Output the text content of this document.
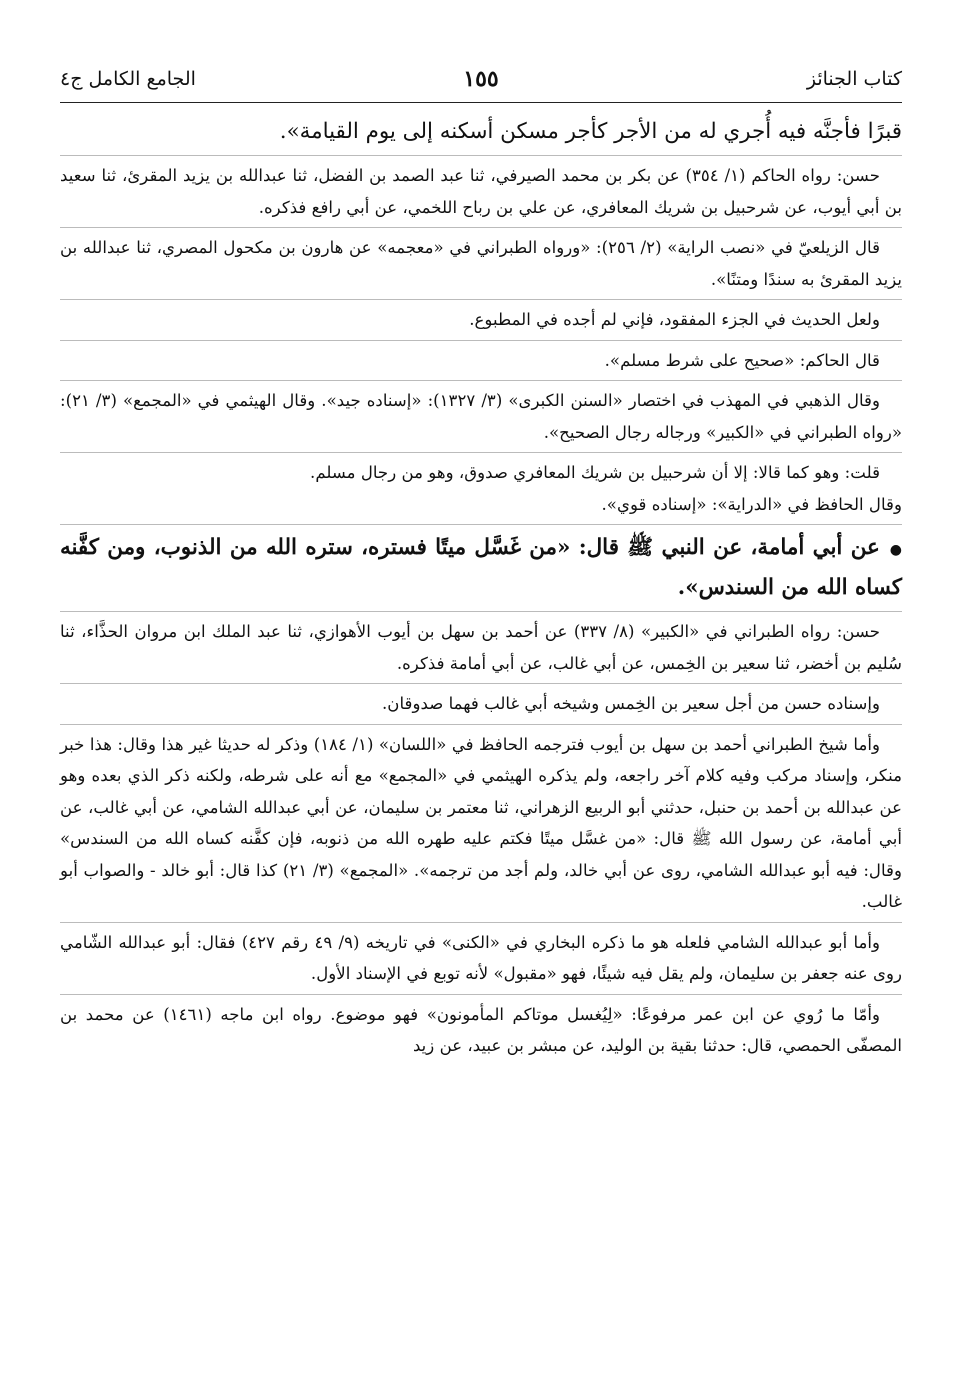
كتاب الجنائز
١٥٥
الجامع الكامل ج٤

قبرًا فأجنَّه فيه أُجري له من الأجر كأجر مسكن أسكنه إلى يوم القيامة».

حسن: رواه الحاكم (١/ ٣٥٤) عن بكر بن محمد الصيرفي، ثنا عبد الصمد بن الفضل، ثنا عبدالله بن يزيد المقرئ، ثنا سعيد بن أبي أيوب، عن شرحبيل بن شريك المعافري، عن علي بن رباح اللخمي، عن أبي رافع فذكره.

قال الزيلعيّ في «نصب الراية» (٢/ ٢٥٦): «ورواه الطبراني في «معجمه» عن هارون بن مكحول المصري، ثنا عبدالله بن يزيد المقرئ به سندًا ومتنًا».

ولعل الحديث في الجزء المفقود، فإني لم أجده في المطبوع.

قال الحاكم: «صحيح على شرط مسلم».

وقال الذهبي في المهذب في اختصار «السنن الكبرى» (٣/ ١٣٢٧): «إسناده جيد». وقال الهيثمي في «المجمع» (٣/ ٢١): «رواه الطبراني في «الكبير» ورجاله رجال الصحيح».

قلت: وهو كما قالا: إلا أن شرحبيل بن شريك المعافري صدوق، وهو من رجال مسلم.

وقال الحافظ في «الدراية»: «إسناده قوي».

●عن أبي أمامة، عن النبي ﷺ قال: «من غَسَّل ميتًا فستره، ستره الله من الذنوب، ومن كفَّنه كساه الله من السندس».

حسن: رواه الطبراني في «الكبير» (٨/ ٣٣٧) عن أحمد بن سهل بن أيوب الأهوازي، ثنا عبد الملك ابن مروان الحذَّاء، ثنا سُليم بن أخضر، ثنا سعير بن الخِمس، عن أبي غالب، عن أبي أمامة فذكره.

وإسناده حسن من أجل سعير بن الخِمس وشيخه أبي غالب فهما صدوقان.

وأما شيخ الطبراني أحمد بن سهل بن أيوب فترجمه الحافظ في «اللسان» (١/ ١٨٤) وذكر له حديثا غير هذا وقال: هذا خبر منكر، وإسناد مركب وفيه كلام آخر راجعه، ولم يذكره الهيثمي في «المجمع» مع أنه على شرطه، ولكنه ذكر الذي بعده وهو عن عبدالله بن أحمد بن حنبل، حدثني أبو الربيع الزهراني، ثنا معتمر بن سليمان، عن أبي عبدالله الشامي، عن أبي غالب، عن أبي أمامة، عن رسول الله ﷺ قال: «من غسَّل ميتًا فكتم عليه طهره الله من ذنوبه، فإن كفَّنه كساه الله من السندس» وقال: فيه أبو عبدالله الشامي، روى عن أبي خالد، ولم أجد من ترجمه». «المجمع» (٣/ ٢١) كذا قال: أبو خالد - والصواب أبو غالب.

وأما أبو عبدالله الشامي فلعله هو ما ذكره البخاري في «الكنى» في تاريخه (٩/ ٤٩ رقم ٤٢٧) فقال: أبو عبدالله الشّامي روى عنه جعفر بن سليمان، ولم يقل فيه شيئًا، فهو «مقبول» لأنه توبع في الإسناد الأول.

وأمّا ما رُوي عن ابن عمر مرفوعًا: «لِيُغسل موتاكم المأمونون» فهو موضوع. رواه ابن ماجه (١٤٦١) عن محمد بن المصفّى الحمصي، قال: حدثنا بقية بن الوليد، عن مبشر بن عبيد، عن زيد
